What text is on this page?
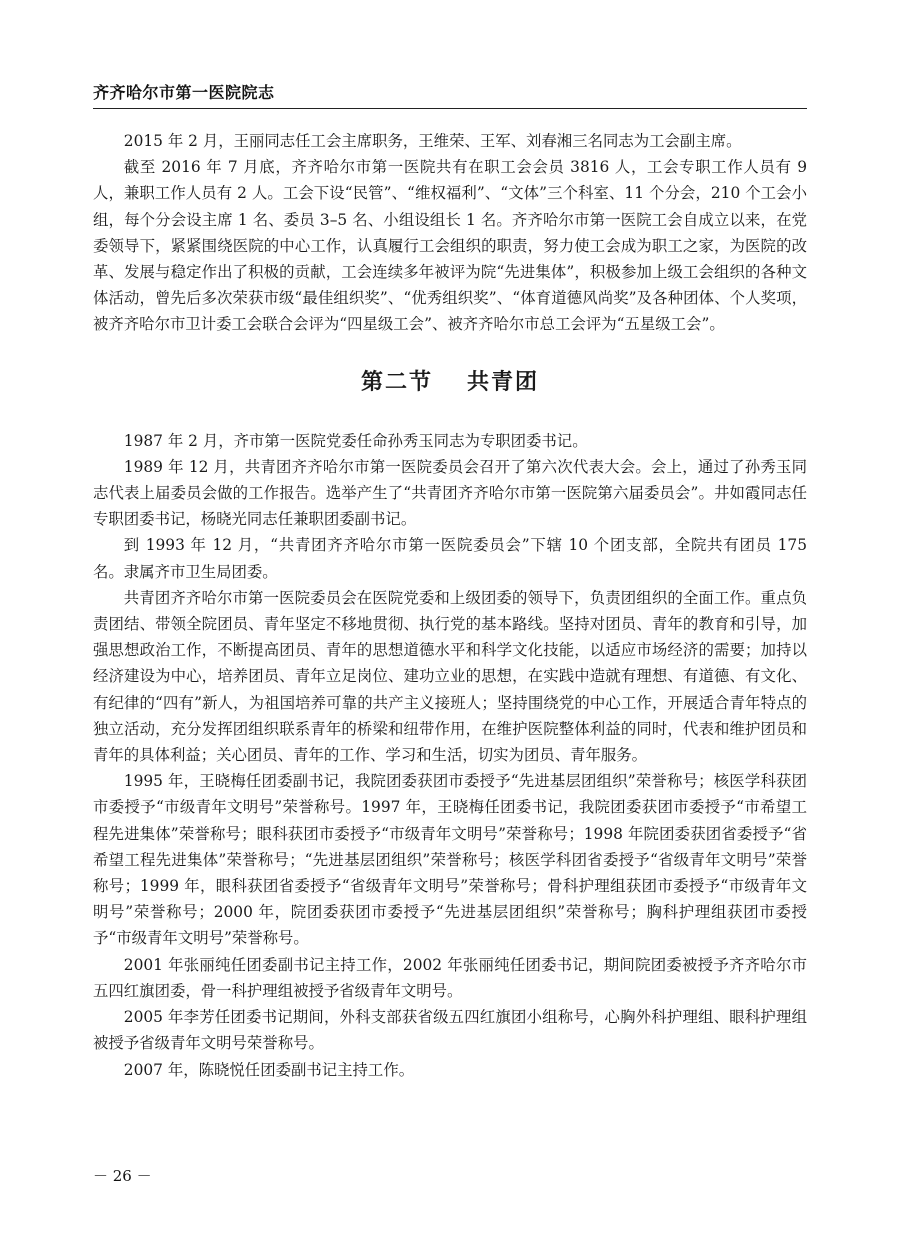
齐齐哈尔市第一医院院志

2015 年 2 月，王丽同志任工会主席职务，王维荣、王军、刘春湘三名同志为工会副主席。

截至 2016 年 7 月底，齐齐哈尔市第一医院共有在职工会会员 3816 人，工会专职工作人员有 9 人，兼职工作人员有 2 人。工会下设“民管”、“维权福利”、“文体”三个科室、11 个分会，210 个工会小组，每个分会设主席 1 名、委员 3–5 名、小组设组长 1 名。齐齐哈尔市第一医院工会自成立以来，在党委领导下，紧紧围绕医院的中心工作，认真履行工会组织的职责，努力使工会成为职工之家，为医院的改革、发展与稳定作出了积极的贡献，工会连续多年被评为院“先进集体”，积极参加上级工会组织的各种文体活动，曾先后多次荣获市级“最佳组织奖”、“优秀组织奖”、“体育道德风尚奖”及各种团体、个人奖项，被齐齐哈尔市卫计委工会联合会评为“四星级工会”、被齐齐哈尔市总工会评为“五星级工会”。

第二节 共青团

1987 年 2 月，齐市第一医院党委任命孙秀玉同志为专职团委书记。

1989 年 12 月，共青团齐齐哈尔市第一医院委员会召开了第六次代表大会。会上，通过了孙秀玉同志代表上届委员会做的工作报告。选举产生了“共青团齐齐哈尔市第一医院第六届委员会”。井如霞同志任专职团委书记，杨晓光同志任兼职团委副书记。

到 1993 年 12 月，“共青团齐齐哈尔市第一医院委员会”下辖 10 个团支部，全院共有团员 175 名。隶属齐市卫生局团委。

共青团齐齐哈尔市第一医院委员会在医院党委和上级团委的领导下，负责团组织的全面工作。重点负责团结、带领全院团员、青年坚定不移地贯彻、执行党的基本路线。坚持对团员、青年的教育和引导，加强思想政治工作，不断提高团员、青年的思想道德水平和科学文化技能，以适应市场经济的需要；加持以经济建设为中心，培养团员、青年立足岗位、建功立业的思想，在实践中造就有理想、有道德、有文化、有纪律的“四有”新人，为祖国培养可靠的共产主义接班人；坚持围绕党的中心工作，开展适合青年特点的独立活动，充分发挥团组织联系青年的桥梁和纽带作用，在维护医院整体利益的同时，代表和维护团员和青年的具体利益；关心团员、青年的工作、学习和生活，切实为团员、青年服务。

1995 年，王晓梅任团委副书记，我院团委获团市委授予“先进基层团组织”荣誉称号；核医学科获团市委授予“市级青年文明号”荣誉称号。1997 年，王晓梅任团委书记，我院团委获团市委授予“市希望工程先进集体”荣誉称号；眼科获团市委授予“市级青年文明号”荣誉称号；1998 年院团委获团省委授予“省希望工程先进集体”荣誉称号；“先进基层团组织”荣誉称号；核医学科团省委授予“省级青年文明号”荣誉称号；1999 年，眼科获团省委授予“省级青年文明号”荣誉称号；骨科护理组获团市委授予“市级青年文明号”荣誉称号；2000 年，院团委获团市委授予“先进基层团组织”荣誉称号；胸科护理组获团市委授予“市级青年文明号”荣誉称号。

2001 年张丽纯任团委副书记主持工作，2002 年张丽纯任团委书记，期间院团委被授予齐齐哈尔市五四红旗团委，骨一科护理组被授予省级青年文明号。

2005 年李芳任团委书记期间，外科支部获省级五四红旗团小组称号，心胸外科护理组、眼科护理组被授予省级青年文明号荣誉称号。

2007 年，陈晓悦任团委副书记主持工作。

－ 26 －
